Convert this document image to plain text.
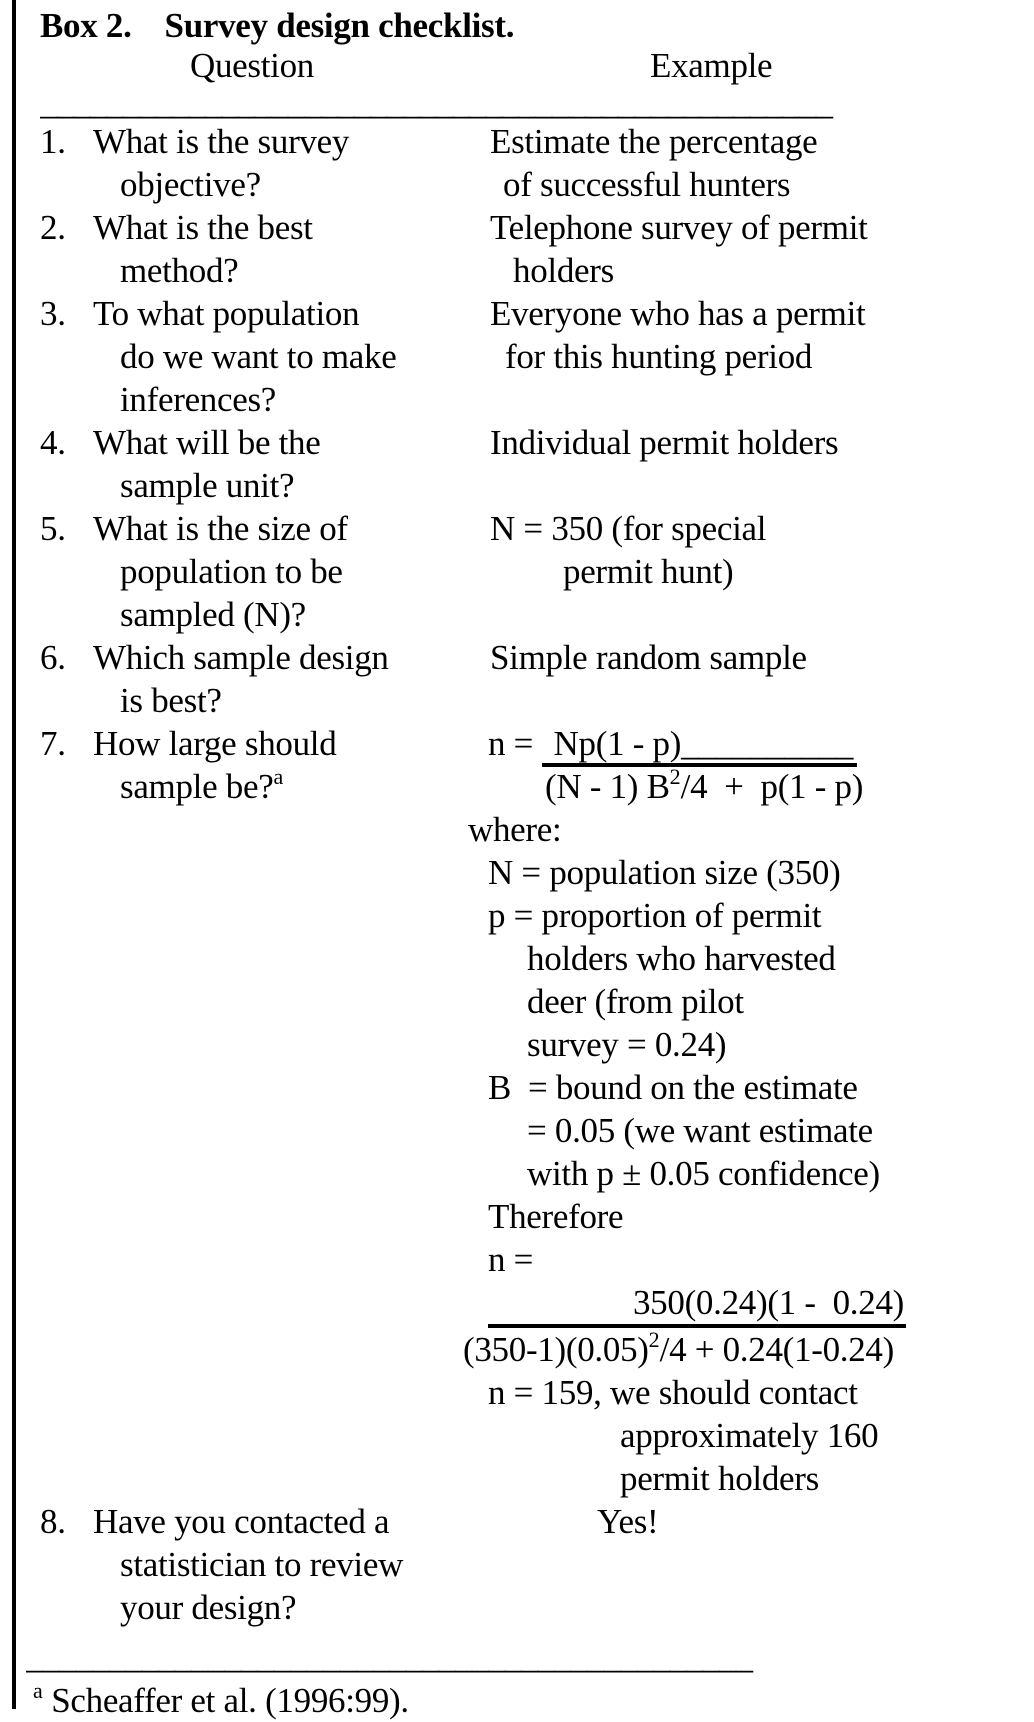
Box 2. Survey design checklist.
Question	Example
________________________________________________
1. What is the survey
objective?
Estimate the percentage
of successful hunters
2. What is the best
method?
Telephone survey of permit
holders
3. To what population
do we want to make
inferences?
Everyone who has a permit
for this hunting period
4. What will be the
sample unit?
Individual permit holders
5. What is the size of
population to be
sampled (N)?
N = 350 (for special
permit hunt)
6. Which sample design
is best?
Simple random sample
7. How large should
sample be?$^a$
n = Np(1 - p)__________
(N - 1) $B^2/4 + p(1 - p)$
where:
N = population size (350)
p = proportion of permit
holders who harvested
deer (from pilot
survey = 0.24)
B  = bound on the estimate
= 0.05 (we want estimate
with p ± 0.05 confidence)
Therefore
n =
350(0.24)(1 -  0.24)
$(350-1)(0.05)^2/4 + 0.24(1-0.24)$
n = 159, we should contact
approximately 160
permit holders
8. Have you contacted a
statistician to review
your design?
Yes!
____________________________________________
$^a$ Scheaffer et al. (1996:99).
